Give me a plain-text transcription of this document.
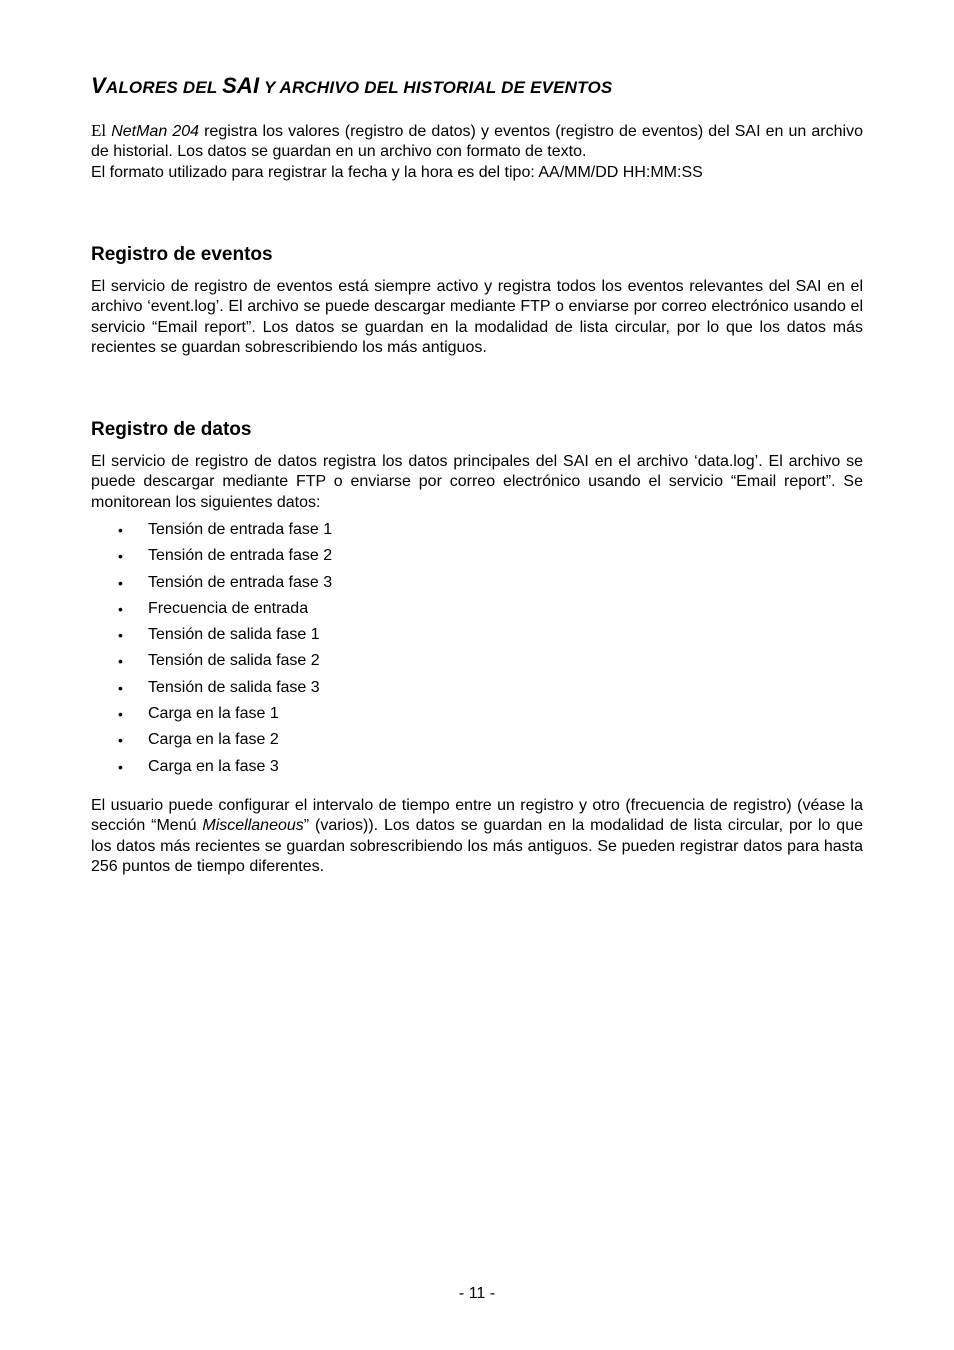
VALORES DEL SAI Y ARCHIVO DEL HISTORIAL DE EVENTOS

El NetMan 204 registra los valores (registro de datos) y eventos (registro de eventos) del SAI en un archivo de historial. Los datos se guardan en un archivo con formato de texto.
El formato utilizado para registrar la fecha y la hora es del tipo: AA/MM/DD HH:MM:SS

Registro de eventos

El servicio de registro de eventos está siempre activo y registra todos los eventos relevantes del SAI en el archivo ‘event.log’. El archivo se puede descargar mediante FTP o enviarse por correo electrónico usando el servicio “Email report”. Los datos se guardan en la modalidad de lista circular, por lo que los datos más recientes se guardan sobrescribiendo los más antiguos.

Registro de datos

El servicio de registro de datos registra los datos principales del SAI en el archivo ‘data.log’. El archivo se puede descargar mediante FTP o enviarse por correo electrónico usando el servicio “Email report”. Se monitorean los siguientes datos:

• Tensión de entrada fase 1
• Tensión de entrada fase 2
• Tensión de entrada fase 3
• Frecuencia de entrada
• Tensión de salida fase 1
• Tensión de salida fase 2
• Tensión de salida fase 3
• Carga en la fase 1
• Carga en la fase 2
• Carga en la fase 3

El usuario puede configurar el intervalo de tiempo entre un registro y otro (frecuencia de registro) (véase la sección “Menú Miscellaneous” (varios)). Los datos se guardan en la modalidad de lista circular, por lo que los datos más recientes se guardan sobrescribiendo los más antiguos. Se pueden registrar datos para hasta 256 puntos de tiempo diferentes.

- 11 -
